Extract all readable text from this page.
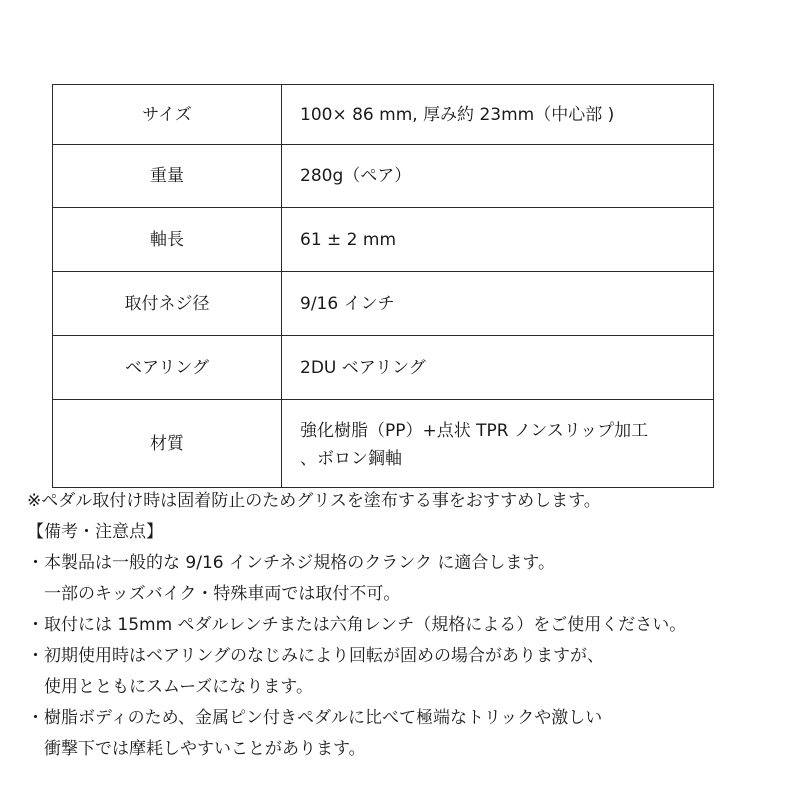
サイズ	100× 86 mm, 厚み約 23mm（中心部 )
重量	280g（ペア）
軸長	61 ± 2 mm
取付ネジ径	9/16 インチ
ベアリング	2DU ベアリング
材質	強化樹脂（PP）+点状 TPR ノンスリップ加工
、ボロン鋼軸
※ペダル取付け時は固着防止のためグリスを塗布する事をおすすめします。
【備考・注意点】
・本製品は一般的な 9/16 インチネジ規格のクランク に適合します。
一部のキッズバイク・特殊車両では取付不可。
・取付には 15mm ペダルレンチまたは六角レンチ（規格による）をご使用ください。
・初期使用時はベアリングのなじみにより回転が固めの場合がありますが、
使用とともにスムーズになります。
・樹脂ボディのため、金属ピン付きペダルに比べて極端なトリックや激しい
衝撃下では摩耗しやすいことがあります。
